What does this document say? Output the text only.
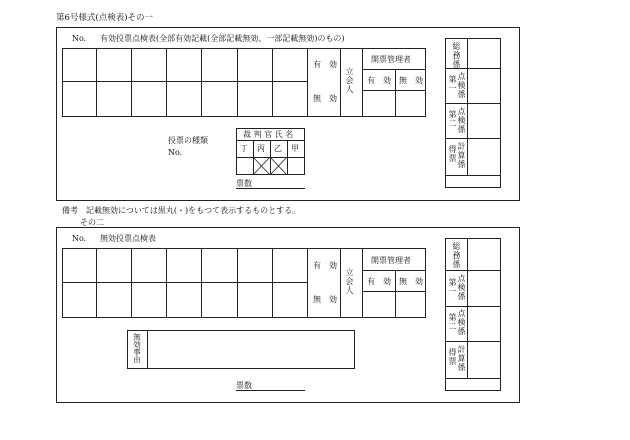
第6号様式(点検表)その一
No. 有効投票点検表(全部有効記載(全部記載無効、一部記載無効)のもの)
有　効
無　効
立会人
開票管理者
有　効 無　効
投票の種類
No.
裁 判 官 氏 名
丁 丙 乙 甲
票数
総務係
第一 点検係
第二 点検係
得票 計算係
備考　記載無効については黒丸(・)をもつて表示するものとする。
その二
No. 無効投票点検表
有　効
無　効
立会人
開票管理者
有　効 無　効
無効事由
票数
総務係
第一 点検係
第二 点検係
得票 計算係
